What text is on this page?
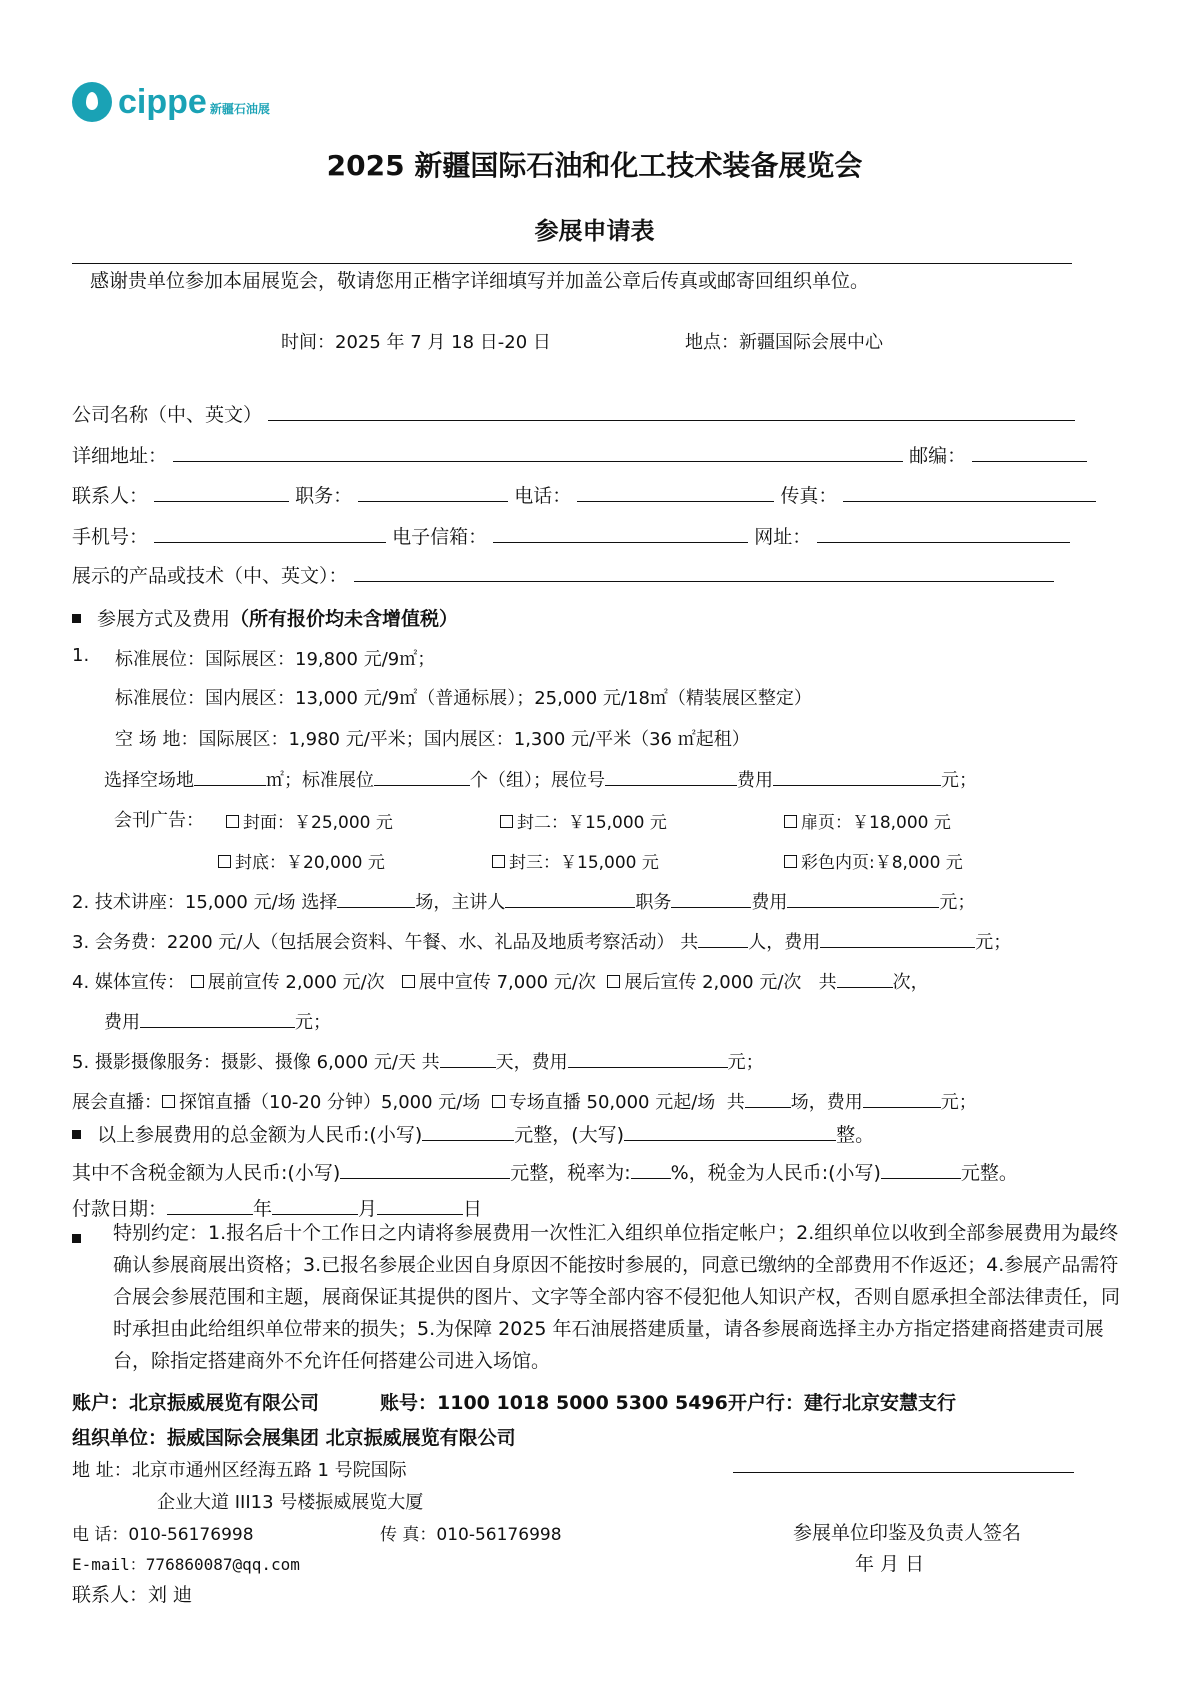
cippe 新疆石油展
2025 新疆国际石油和化工技术装备展览会
参展申请表
感谢贵单位参加本届展览会，敬请您用正楷字详细填写并加盖公章后传真或邮寄回组织单位。
时间：2025 年 7 月 18 日-20 日	地点：新疆国际会展中心
公司名称（中、英文）
详细地址：	邮编：
联系人：	职务：	电话：	传真：
手机号：	电子信箱：	网址：
展示的产品或技术（中、英文）：
参展方式及费用（所有报价均未含增值税）
1. 标准展位：国际展区：19,800 元/9㎡；
标准展位：国内展区：13,000 元/9㎡（普通标展）；25,000 元/18㎡（精装展区整定）
空 场 地：国际展区：1,980 元/平米；国内展区：1,300 元/平米（36 ㎡起租）
选择空场地	㎡；标准展位	个（组）；展位号	费用	元；
会刊广告：	封面：￥25,000 元	封二：￥15,000 元	扉页：￥18,000 元
封底：￥20,000 元	封三：￥15,000 元	彩色内页:￥8,000 元
2. 技术讲座：15,000 元/场 选择	场，主讲人	职务	费用	元；
3. 会务费：2200 元/人（包括展会资料、午餐、水、礼品及地质考察活动） 共	人，费用	元；
4. 媒体宣传： 展前宣传 2,000 元/次 展中宣传 7,000 元/次 展后宣传 2,000 元/次 共	次，
费用	元；
5. 摄影摄像服务：摄影、摄像 6,000 元/天 共	天，费用	元；
展会直播： 探馆直播（10-20 分钟）5,000 元/场 专场直播 50,000 元起/场 共	场，费用	元；
以上参展费用的总金额为人民币:(小写)	元整，(大写)	整。
其中不含税金额为人民币:(小写)	元整，税率为: %，税金为人民币:(小写)	元整。
付款日期：	年	月	日
特别约定：1.报名后十个工作日之内请将参展费用一次性汇入组织单位指定帐户；2.组织单位以收到全部参展费用为最终确认参展商展出资格；3.已报名参展企业因自身原因不能按时参展的，同意已缴纳的全部费用不作返还；4.参展产品需符合展会参展范围和主题，展商保证其提供的图片、文字等全部内容不侵犯他人知识产权，否则自愿承担全部法律责任，同时承担由此给组织单位带来的损失；5.为保障 2025 年石油展搭建质量，请各参展商选择主办方指定搭建商搭建责司展台，除指定搭建商外不允许任何搭建公司进入场馆。
账户：北京振威展览有限公司	账号：1100 1018 5000 5300 5496 开户行：建行北京安慧支行
组织单位：振威国际会展集团 北京振威展览有限公司
地 址：北京市通州区经海五路 1 号院国际
企业大道 III13 号楼振威展览大厦
电 话：010-56176998	传 真：010-56176998
E-mail：776860087@qq.com
联系人：刘 迪
参展单位印鉴及负责人签名
年 月 日
